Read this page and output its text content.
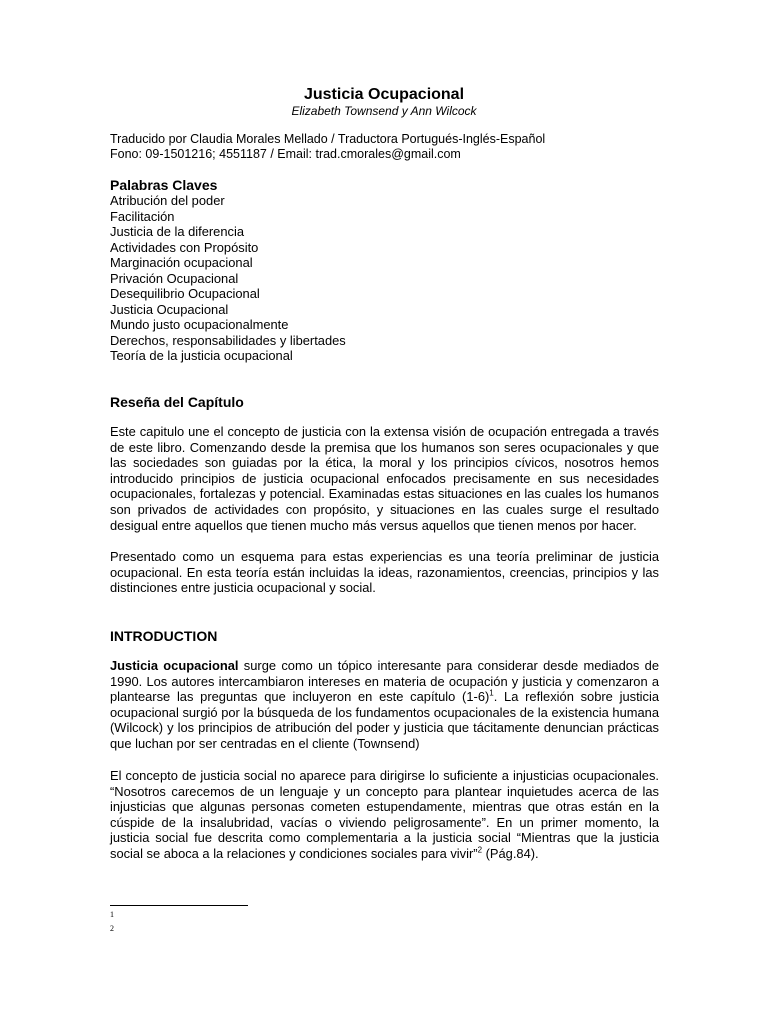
Justicia Ocupacional
Elizabeth Townsend y Ann Wilcock
Traducido por Claudia Morales Mellado / Traductora Portugués-Inglés-Español
Fono: 09-1501216; 4551187 / Email: trad.cmorales@gmail.com
Palabras Claves
Atribución del poder
Facilitación
Justicia de la diferencia
Actividades con Propósito
Marginación ocupacional
Privación Ocupacional
Desequilibrio Ocupacional
Justicia Ocupacional
Mundo justo ocupacionalmente
Derechos, responsabilidades y libertades
Teoría de la justicia ocupacional
Reseña del Capítulo

Este capitulo une el concepto de justicia con la extensa visión de ocupación entregada a través de este libro. Comenzando desde la premisa que los humanos son seres ocupacionales y que las sociedades son guiadas por la ética, la moral y los principios cívicos, nosotros hemos introducido principios de justicia ocupacional enfocados precisamente en sus necesidades ocupacionales, fortalezas y potencial. Examinadas estas situaciones en las cuales los humanos son privados de actividades con propósito, y situaciones en las cuales surge el resultado desigual entre aquellos que tienen mucho más versus aquellos que tienen menos por hacer.

Presentado como un esquema para estas experiencias es una teoría preliminar de justicia ocupacional. En esta teoría están incluidas la ideas, razonamientos, creencias, principios y las distinciones entre justicia ocupacional y social.

INTRODUCTION

Justicia ocupacional surge como un tópico interesante para considerar desde mediados de 1990. Los autores intercambiaron intereses en materia de ocupación y justicia y comenzaron a plantearse las preguntas que incluyeron en este capítulo $(1-6)^1$. La reflexión sobre justicia ocupacional surgió por la búsqueda de los fundamentos ocupacionales de la existencia humana (Wilcock) y los principios de atribución del poder y justicia que tácitamente denuncian prácticas que luchan por ser centradas en el cliente (Townsend)

El concepto de justicia social no aparece para dirigirse lo suficiente a injusticias ocupacionales. “Nosotros carecemos de un lenguaje y un concepto para plantear inquietudes acerca de las injusticias que algunas personas cometen estupendamente, mientras que otras están en la cúspide de la insalubridad, vacías o viviendo peligrosamente”. En un primer momento, la justicia social fue descrita como complementaria a la justicia social “Mientras que la justicia social se aboca a la relaciones y condiciones sociales para vivir”$^2$ (Pág.84).

1
2
